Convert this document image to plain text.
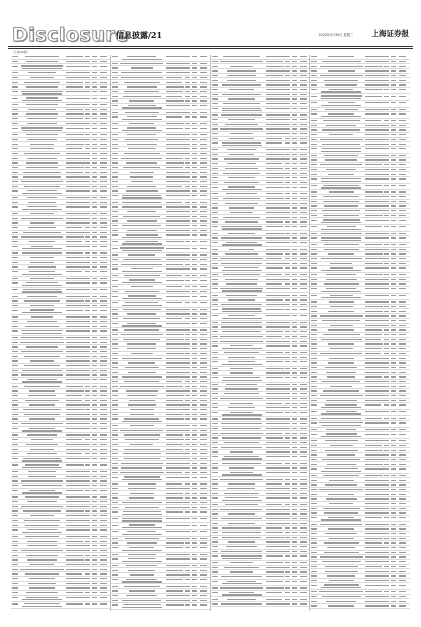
Disclosure
信息披露/21	2020年4月30日 星期三 上海证券报
（上接20版）
